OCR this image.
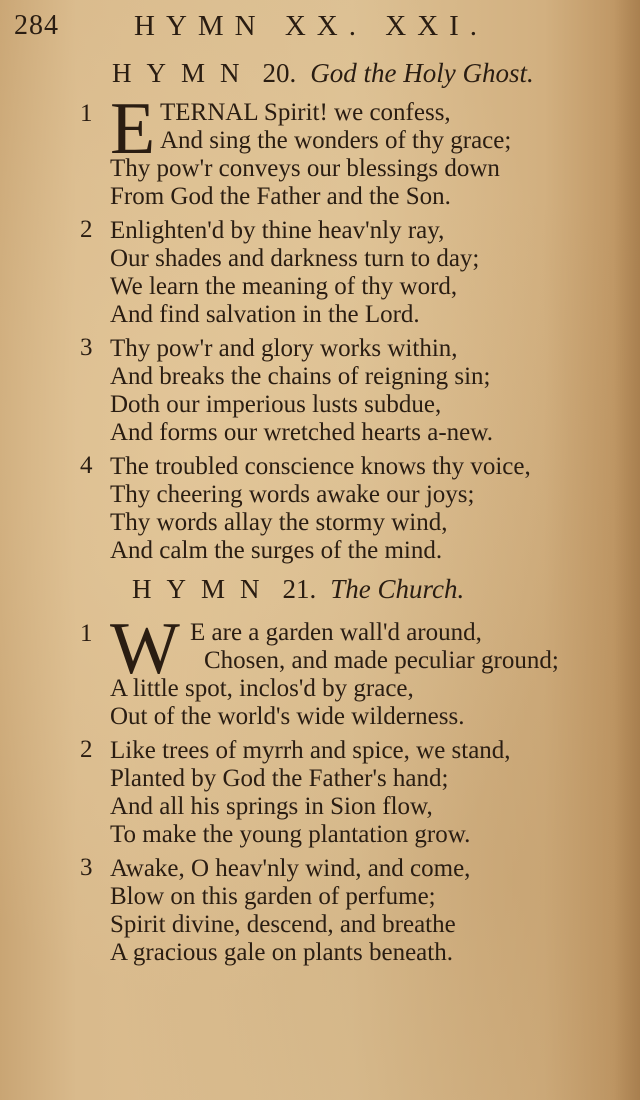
284	HYMN XX. XXI.
HYMN 20. God the Holy Ghost.
1 E TERNAL Spirit! we confess,
And sing the wonders of thy grace;
Thy pow'r conveys our blessings down
From God the Father and the Son.
2 Enlighten'd by thine heav'nly ray,
Our shades and darkness turn to day;
We learn the meaning of thy word,
And find salvation in the Lord.
3 Thy pow'r and glory works within,
And breaks the chains of reigning sin;
Doth our imperious lusts subdue,
And forms our wretched hearts a-new.
4 The troubled conscience knows thy voice,
Thy cheering words awake our joys;
Thy words allay the stormy wind,
And calm the surges of the mind.
HYMN 21. The Church.
1 W E are a garden wall'd around,
Chosen, and made peculiar ground;
A little spot, inclos'd by grace,
Out of the world's wide wilderness.
2 Like trees of myrrh and spice, we stand,
Planted by God the Father's hand;
And all his springs in Sion flow,
To make the young plantation grow.
3 Awake, O heav'nly wind, and come,
Blow on this garden of perfume;
Spirit divine, descend, and breathe
A gracious gale on plants beneath.
